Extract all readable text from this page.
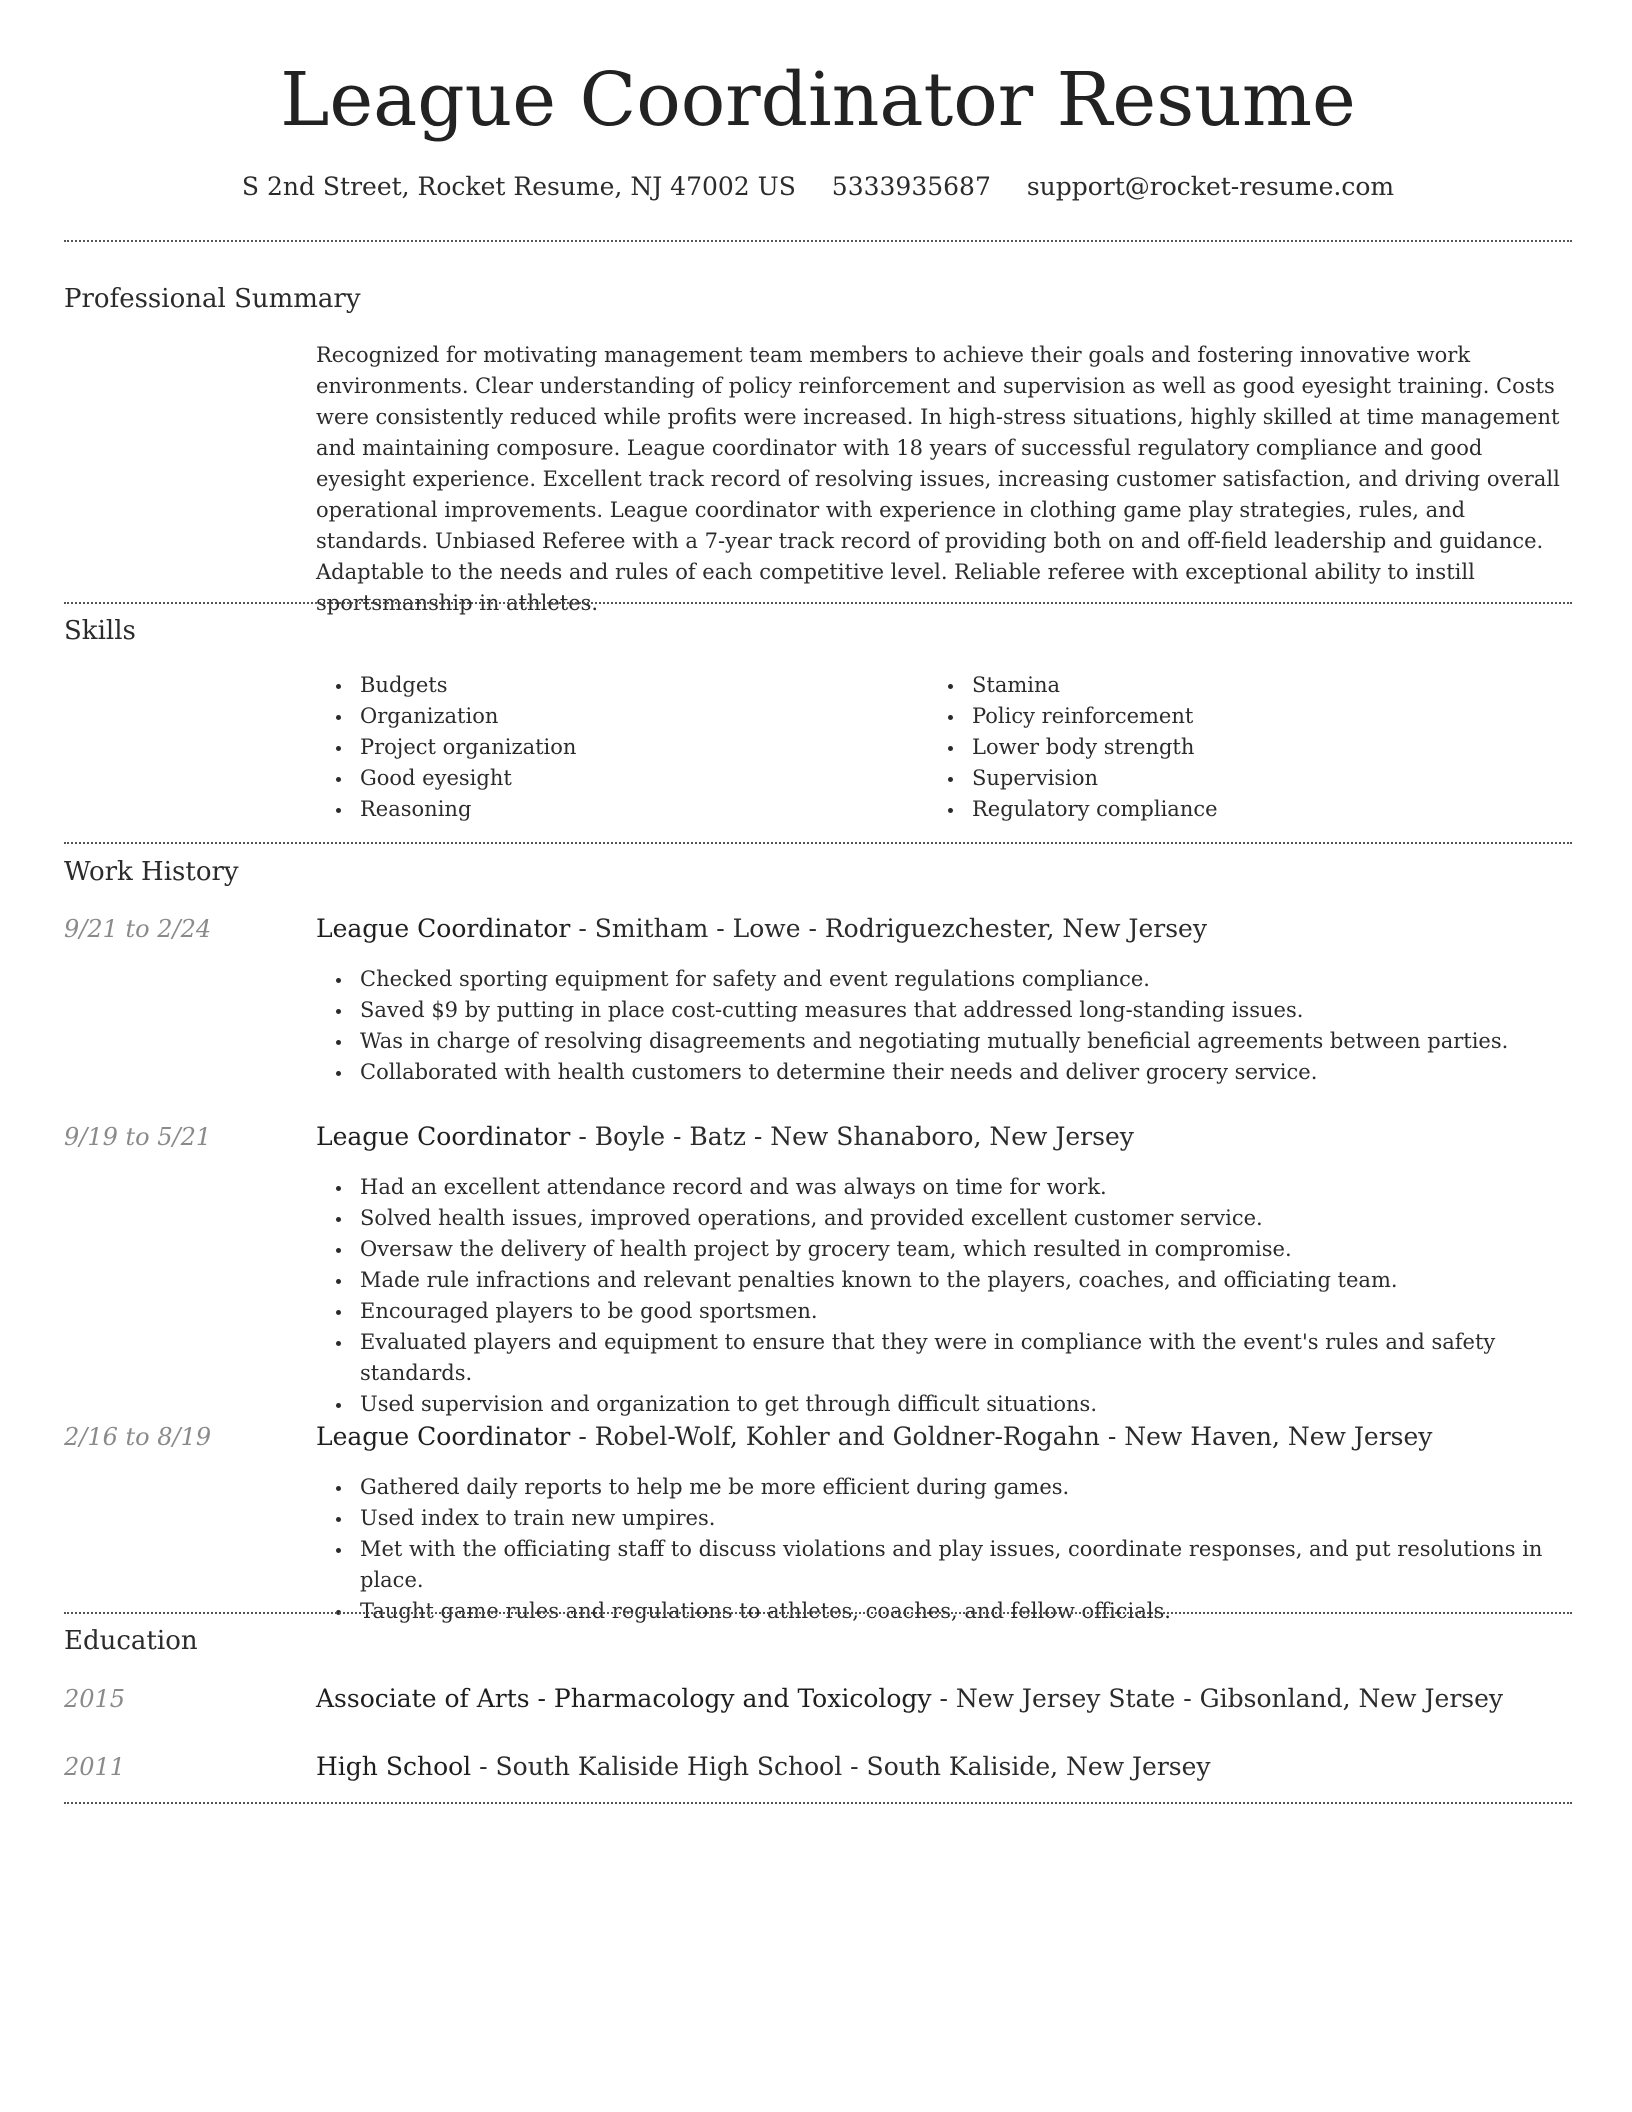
League Coordinator Resume
S 2nd Street, Rocket Resume, NJ 47002 US 5333935687 support@rocket-resume.com
Professional Summary

Recognized for motivating management team members to achieve their goals and fostering innovative work environments. Clear understanding of policy reinforcement and supervision as well as good eyesight training. Costs were consistently reduced while profits were increased. In high-stress situations, highly skilled at time management and maintaining composure. League coordinator with 18 years of successful regulatory compliance and good eyesight experience. Excellent track record of resolving issues, increasing customer satisfaction, and driving overall operational improvements. League coordinator with experience in clothing game play strategies, rules, and standards. Unbiased Referee with a 7-year track record of providing both on and off-field leadership and guidance. Adaptable to the needs and rules of each competitive level. Reliable referee with exceptional ability to instill sportsmanship in athletes.

Skills
Budgets
Organization
Project organization
Good eyesight
Reasoning
Stamina
Policy reinforcement
Lower body strength
Supervision
Regulatory compliance
Work History
9/21 to 2/24	League Coordinator - Smitham - Lowe - Rodriguezchester, New Jersey
Checked sporting equipment for safety and event regulations compliance.
Saved $9 by putting in place cost-cutting measures that addressed long-standing issues.
Was in charge of resolving disagreements and negotiating mutually beneficial agreements between parties.
Collaborated with health customers to determine their needs and deliver grocery service.
9/19 to 5/21	League Coordinator - Boyle - Batz - New Shanaboro, New Jersey
Had an excellent attendance record and was always on time for work.
Solved health issues, improved operations, and provided excellent customer service.
Oversaw the delivery of health project by grocery team, which resulted in compromise.
Made rule infractions and relevant penalties known to the players, coaches, and officiating team.
Encouraged players to be good sportsmen.
Evaluated players and equipment to ensure that they were in compliance with the event's rules and safety standards.
Used supervision and organization to get through difficult situations.
2/16 to 8/19	League Coordinator - Robel-Wolf, Kohler and Goldner-Rogahn - New Haven, New Jersey
Gathered daily reports to help me be more efficient during games.
Used index to train new umpires.
Met with the officiating staff to discuss violations and play issues, coordinate responses, and put resolutions in place.
Taught game rules and regulations to athletes, coaches, and fellow officials.
Education
2015	Associate of Arts - Pharmacology and Toxicology - New Jersey State - Gibsonland, New Jersey
2011	High School - South Kaliside High School - South Kaliside, New Jersey
